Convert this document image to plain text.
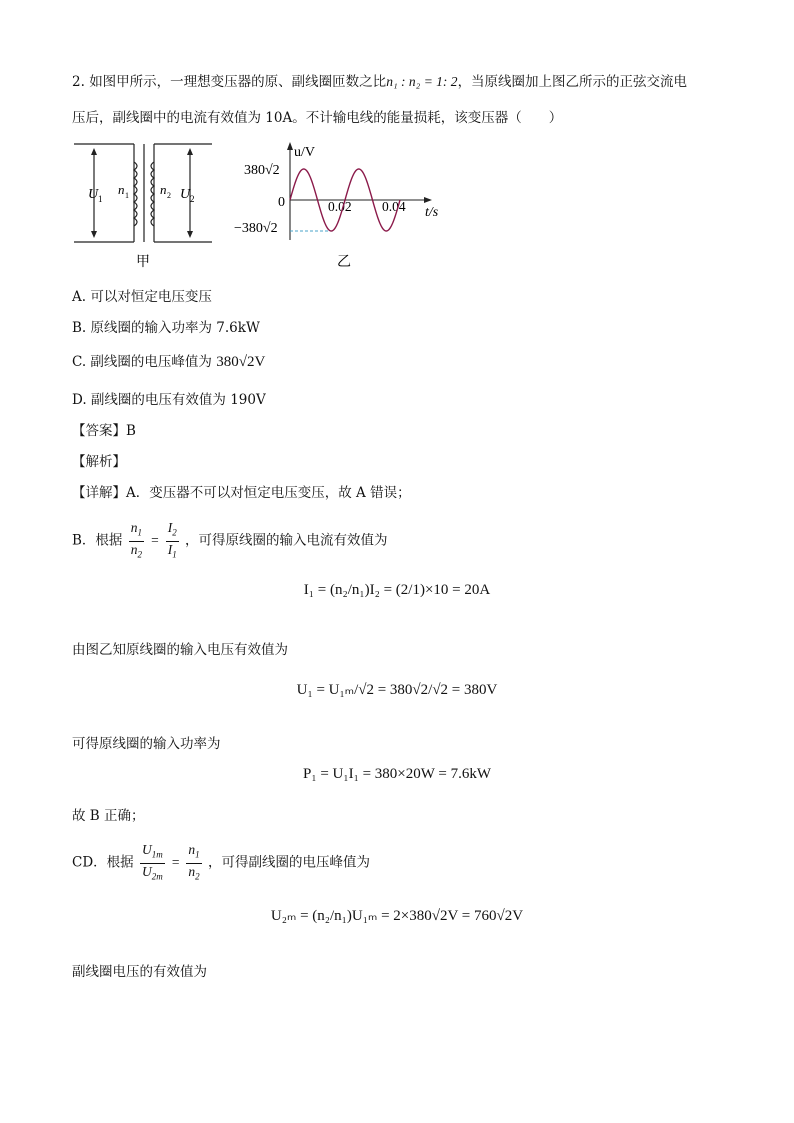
2. 如图甲所示，一理想变压器的原、副线圈匝数之比n₁ : n₂ = 1: 2，当原线圈加上图乙所示的正弦交流电
压后，副线圈中的电流有效值为 10A。不计输电线的能量损耗，该变压器（　　）
U 1
n 1 n 2 U 2
甲
u/V
t/s
380√2
0
−380√2
0.02 0.04
乙
A. 可以对恒定电压变压
B. 原线圈的输入功率为 7.6kW
C. 副线圈的电压峰值为 380√2V
D. 副线圈的电压有效值为 190V
【答案】B
【解析】
【详解】A．变压器不可以对恒定电压变压，故 A 错误；
B．根据 $\frac{n_1}{n_2} = \frac{I_2}{I_1}$ ，可得原线圈的输入电流有效值为
I₁ = (n₂/n₁)I₂ = (2/1)×10 = 20A
由图乙知原线圈的输入电压有效值为
U₁ = U₁ₘ/√2 = 380√2/√2 = 380V
可得原线圈的输入功率为
P₁ = U₁I₁ = 380×20W = 7.6kW
故 B 正确；
CD．根据 $\frac{U_{1m}}{U_{2m}} = \frac{n_1}{n_2}$ ，可得副线圈的电压峰值为
U₂ₘ = (n₂/n₁)U₁ₘ = 2×380√2V = 760√2V
副线圈电压的有效值为
